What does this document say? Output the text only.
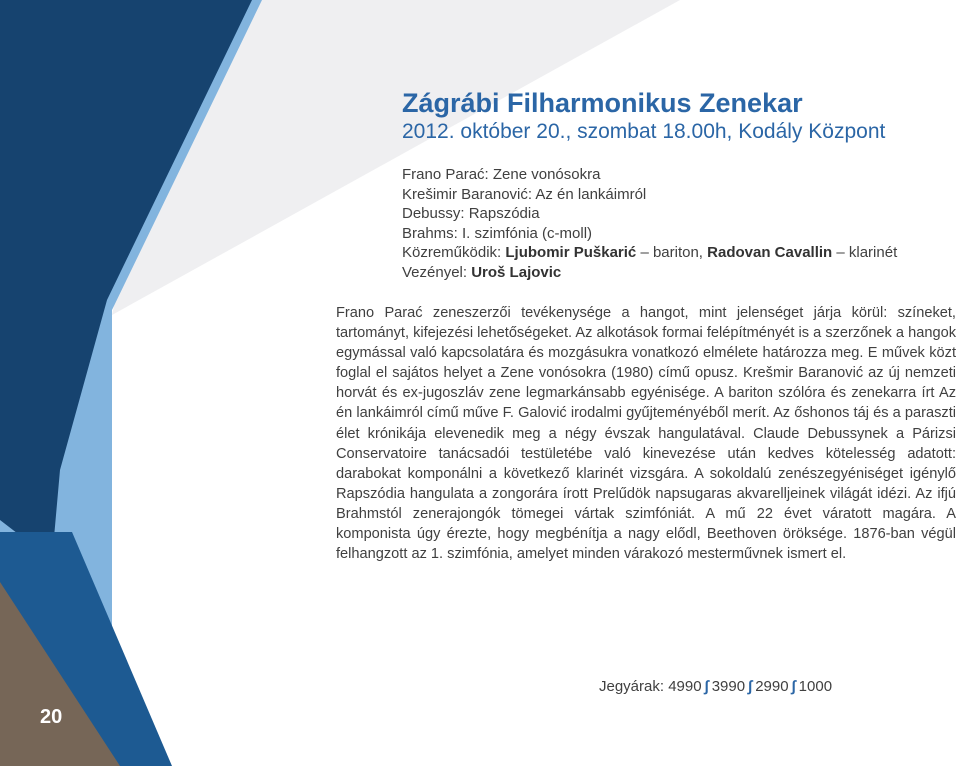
20
Zágrábi Filharmonikus Zenekar
2012. október 20., szombat 18.00h, Kodály Központ
Frano Parać: Zene vonósokra
Krešimir Baranović: Az én lankáimról
Debussy: Rapszódia
Brahms: I. szimfónia (c-moll)
Közreműködik: Ljubomir Puškarić – bariton, Radovan Cavallin – klarinét
Vezényel: Uroš Lajovic

Frano Parać zeneszerzői tevékenysége a hangot, mint jelenséget járja körül: színeket, tartományt, kifejezési lehetőségeket. Az alkotások formai felépítményét is a szerzőnek a hangok egymással való kapcsolatára és mozgásukra vonatkozó elmélete határozza meg. E művek közt foglal el sajátos helyet a Zene vonósokra (1980) című opusz. Krešmir Baranović az új nemzeti horvát és ex-jugoszláv zene legmarkánsabb egyénisége. A bariton szólóra és zenekarra írt Az én lankáimról című műve F. Galović irodalmi gyűjteményéből merít. Az őshonos táj és a paraszti élet krónikája elevenedik meg a négy évszak hangulatával. Claude Debussynek a Párizsi Conservatoire tanácsadói testületébe való kinevezése után kedves kötelesség adatott: darabokat komponálni a következő klarinét vizsgára. A sokoldalú zenészegyéniséget igénylő Rapszódia hangulata a zongorára írott Prelűdök napsugaras akvarelljeinek világát idézi. Az ifjú Brahmstól zenerajongók tömegei vártak szimfóniát. A mű 22 évet váratott magára. A komponista úgy érezte, hogy megbénítja a nagy elődl, Beethoven öröksége. 1876-ban végül felhangzott az 1. szimfónia, amelyet minden várakozó mesterművnek ismert el.

Jegyárak: 4990 ∫ 3990 ∫ 2990 ∫ 1000
